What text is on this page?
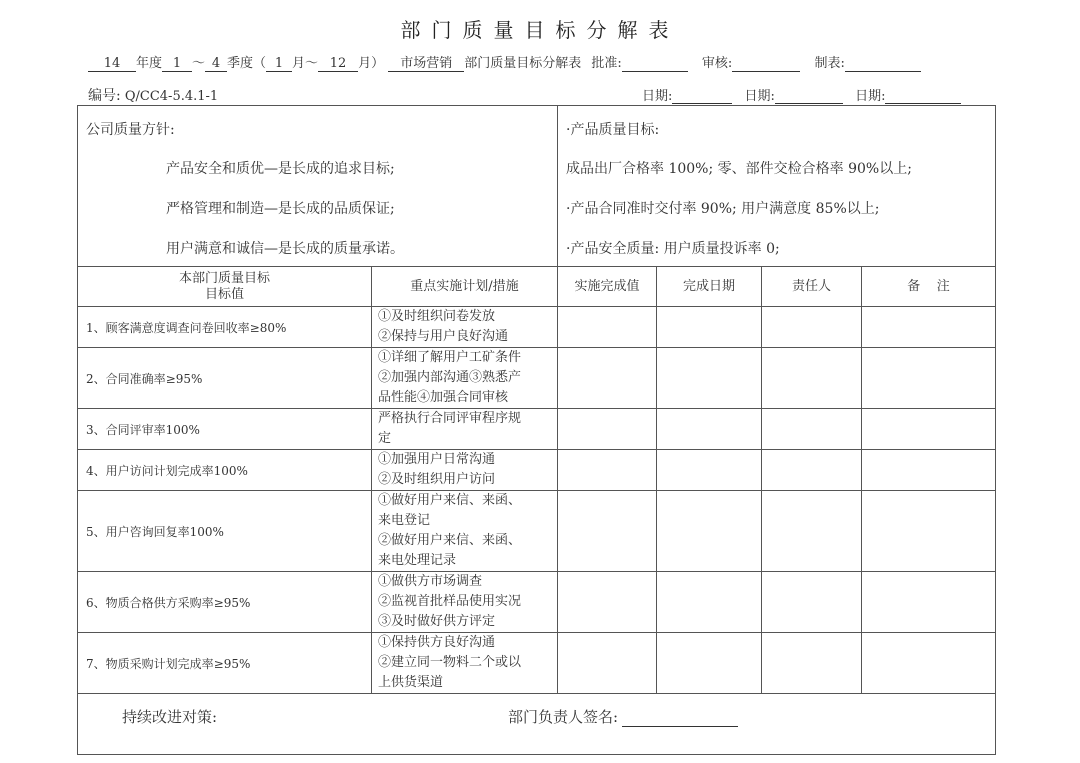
部门质量目标分解表
14 年度 1 ～ 4 季度（ 1 月～ 12 月） 市场营销 部门质量目标分解表 批准:	审核:	制表:
编号: Q/CC4-5.4.1-1	日期:	日期:	日期:
公司质量方针:
产品安全和质优—是长成的追求目标;
严格管理和制造—是长成的品质保证;
用户满意和诚信—是长成的质量承诺。		·产品质量目标:
成品出厂合格率 100%; 零、部件交检合格率 90%以上;
·产品合同准时交付率 90%; 用户满意度 85%以上;
·产品安全质量: 用户质量投诉率 0;			

本部门质量目标
目标值	重点实施计划/措施	实施完成值	完成日期	责任人	备    注
1、顾客满意度调查问卷回收率≥80%	①及时组织问卷发放
②保持与用户良好沟通				

2、合同准确率≥95%	①详细了解用户工矿条件
②加强内部沟通③熟悉产
品性能④加强合同审核				

3、合同评审率100%	严格执行合同评审程序规
定				

4、用户访问计划完成率100%	①加强用户日常沟通
②及时组织用户访问				

5、用户咨询回复率100%	①做好用户来信、来函、
来电登记
②做好用户来信、来函、
来电处理记录				

6、物质合格供方采购率≥95%	①做供方市场调查
②监视首批样品使用实况
③及时做好供方评定				

7、物质采购计划完成率≥95%	①保持供方良好沟通
②建立同一物料二个或以
上供货渠道				

持续改进对策: 部门负责人签名:					
